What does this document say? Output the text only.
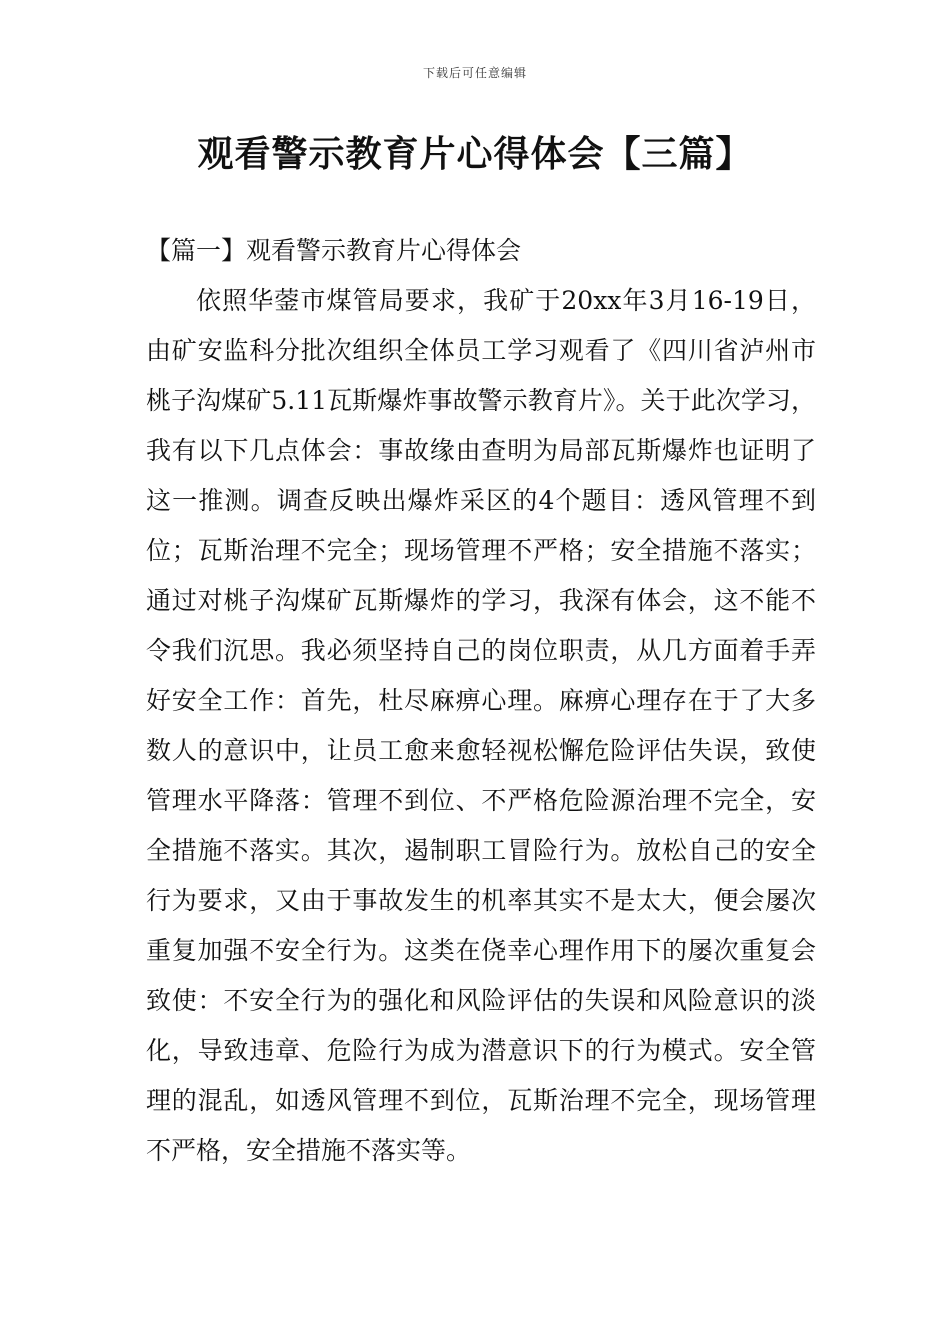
下载后可任意编辑
观看警示教育片心得体会【三篇】
【篇一】观看警示教育片心得体会

依照华蓥市煤管局要求，我矿于20xx年3月16-19日，由矿安监科分批次组织全体员工学习观看了《四川省泸州市桃子沟煤矿5.11瓦斯爆炸事故警示教育片》。关于此次学习，我有以下几点体会：事故缘由查明为局部瓦斯爆炸也证明了这一推测。调查反映出爆炸采区的4个题目：透风管理不到位；瓦斯治理不完全；现场管理不严格；安全措施不落实；通过对桃子沟煤矿瓦斯爆炸的学习，我深有体会，这不能不令我们沉思。我必须坚持自己的岗位职责，从几方面着手弄好安全工作：首先，杜尽麻痹心理。麻痹心理存在于了大多数人的意识中，让员工愈来愈轻视松懈危险评估失误，致使管理水平降落：管理不到位、不严格危险源治理不完全，安全措施不落实。其次，遏制职工冒险行为。放松自己的安全行为要求，又由于事故发生的机率其实不是太大，便会屡次重复加强不安全行为。这类在侥幸心理作用下的屡次重复会致使：不安全行为的强化和风险评估的失误和风险意识的淡化，导致违章、危险行为成为潜意识下的行为模式。安全管理的混乱，如透风管理不到位，瓦斯治理不完全，现场管理不严格，安全措施不落实等。
